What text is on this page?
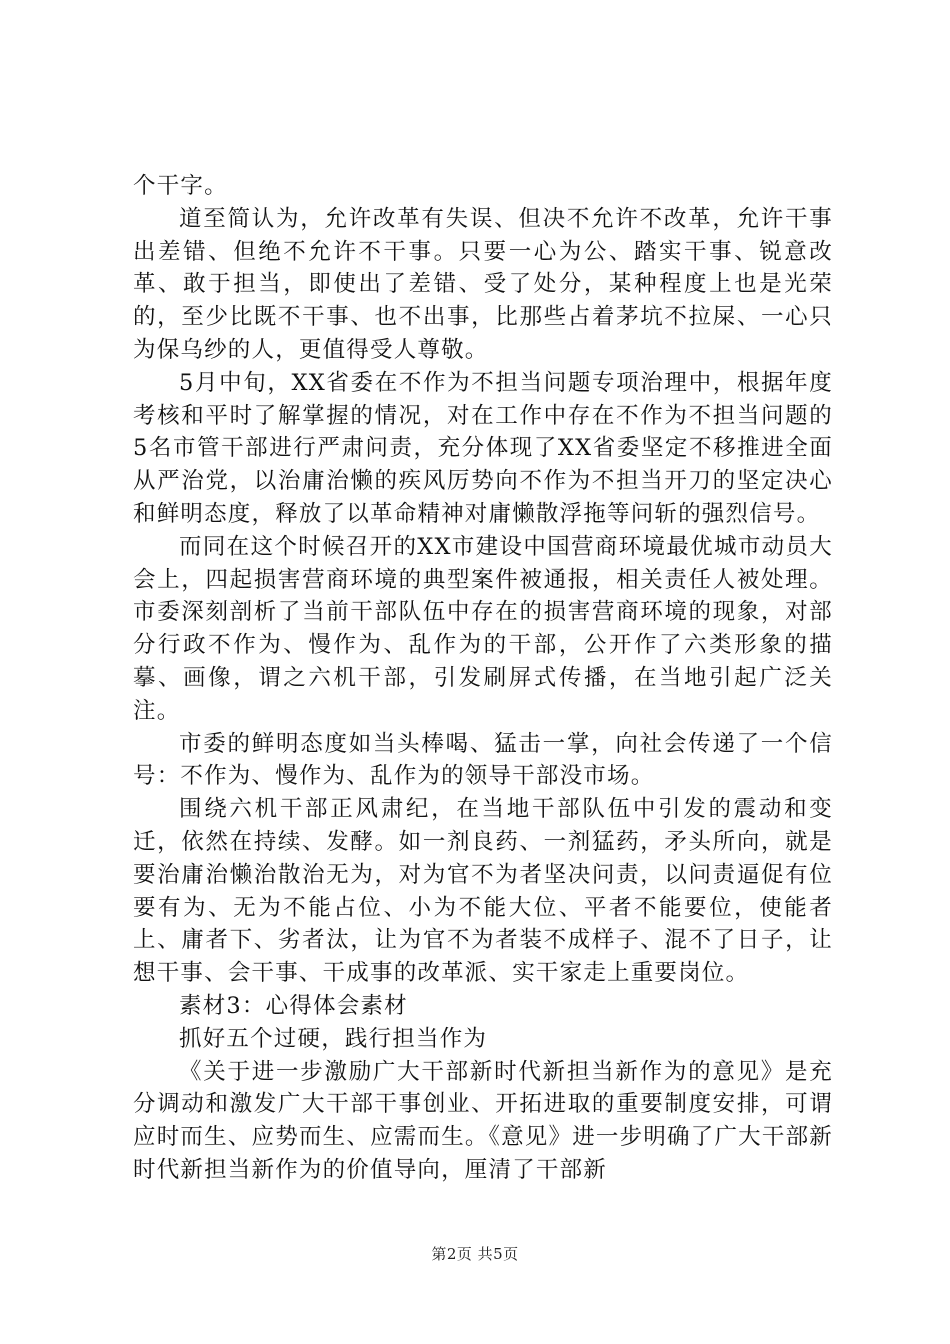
个干字。

道至简认为，允许改革有失误、但决不允许不改革，允许干事出差错、但绝不允许不干事。只要一心为公、踏实干事、锐意改革、敢于担当，即使出了差错、受了处分，某种程度上也是光荣的，至少比既不干事、也不出事，比那些占着茅坑不拉屎、一心只为保乌纱的人，更值得受人尊敬。

5月中旬，XX省委在不作为不担当问题专项治理中，根据年度考核和平时了解掌握的情况，对在工作中存在不作为不担当问题的5名市管干部进行严肃问责，充分体现了XX省委坚定不移推进全面从严治党，以治庸治懒的疾风厉势向不作为不担当开刀的坚定决心和鲜明态度，释放了以革命精神对庸懒散浮拖等问斩的强烈信号。

而同在这个时候召开的XX市建设中国营商环境最优城市动员大会上，四起损害营商环境的典型案件被通报，相关责任人被处理。市委深刻剖析了当前干部队伍中存在的损害营商环境的现象，对部分行政不作为、慢作为、乱作为的干部，公开作了六类形象的描摹、画像，谓之六机干部，引发刷屏式传播，在当地引起广泛关注。

市委的鲜明态度如当头棒喝、猛击一掌，向社会传递了一个信号：不作为、慢作为、乱作为的领导干部没市场。

围绕六机干部正风肃纪，在当地干部队伍中引发的震动和变迁，依然在持续、发酵。如一剂良药、一剂猛药，矛头所向，就是要治庸治懒治散治无为，对为官不为者坚决问责，以问责逼促有位要有为、无为不能占位、小为不能大位、平者不能要位，使能者上、庸者下、劣者汰，让为官不为者装不成样子、混不了日子，让想干事、会干事、干成事的改革派、实干家走上重要岗位。

素材3：心得体会素材

抓好五个过硬，践行担当作为

《关于进一步激励广大干部新时代新担当新作为的意见》是充分调动和激发广大干部干事创业、开拓进取的重要制度安排，可谓应时而生、应势而生、应需而生。《意见》进一步明确了广大干部新时代新担当新作为的价值导向，厘清了干部新

第2页 共5页
